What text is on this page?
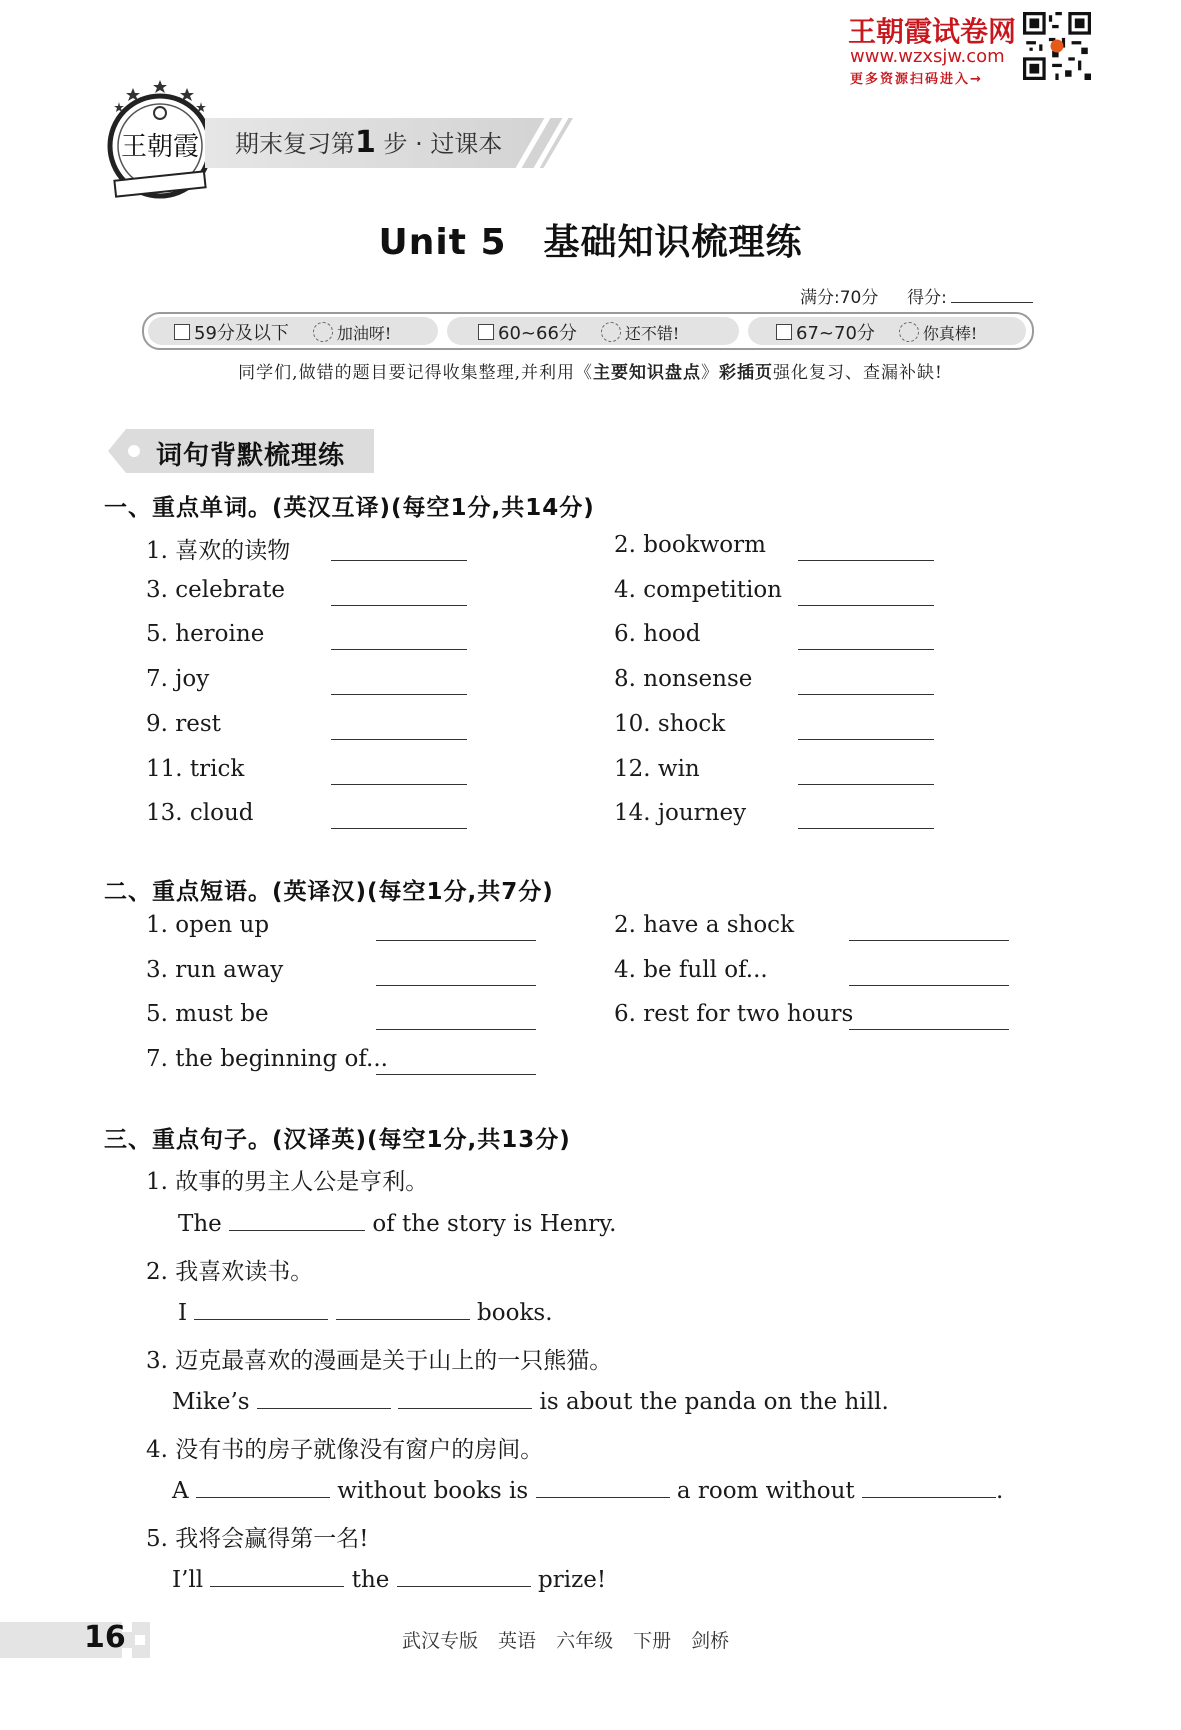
王朝霞试卷网
www.wzxsjw.com
更多资源扫码进入→
王朝霞 期末复习第1 步 · 过课本
Unit 5　基础知识梳理练
满分:70分 得分:
59分及以下	加油呀!	60~66分	还不错!	67~70分	你真棒!
同学们,做错的题目要记得收集整理,并利用《主要知识盘点》彩插页强化复习、查漏补缺!
词句背默梳理练
一、重点单词。(英汉互译)(每空1分,共14分)
1. 喜欢的读物	2. bookworm
3. celebrate	4. competition
5. heroine	6. hood
7. joy	8. nonsense
9. rest	10. shock
11. trick	12. win
13. cloud	14. journey
二、重点短语。(英译汉)(每空1分,共7分)
1. open up	2. have a shock
3. run away	4. be full of...
5. must be	6. rest for two hours
7. the beginning of...
三、重点句子。(汉译英)(每空1分,共13分)
1. 故事的男主人公是亨利。
The	of the story is Henry.
2. 我喜欢读书。
I	books.
3. 迈克最喜欢的漫画是关于山上的一只熊猫。
Mike’s	is about the panda on the hill.
4. 没有书的房子就像没有窗户的房间。
A	without books is	a room without	.
5. 我将会赢得第一名!
I’ll	the	prize!
16	武汉专版 英语 六年级 下册 剑桥
